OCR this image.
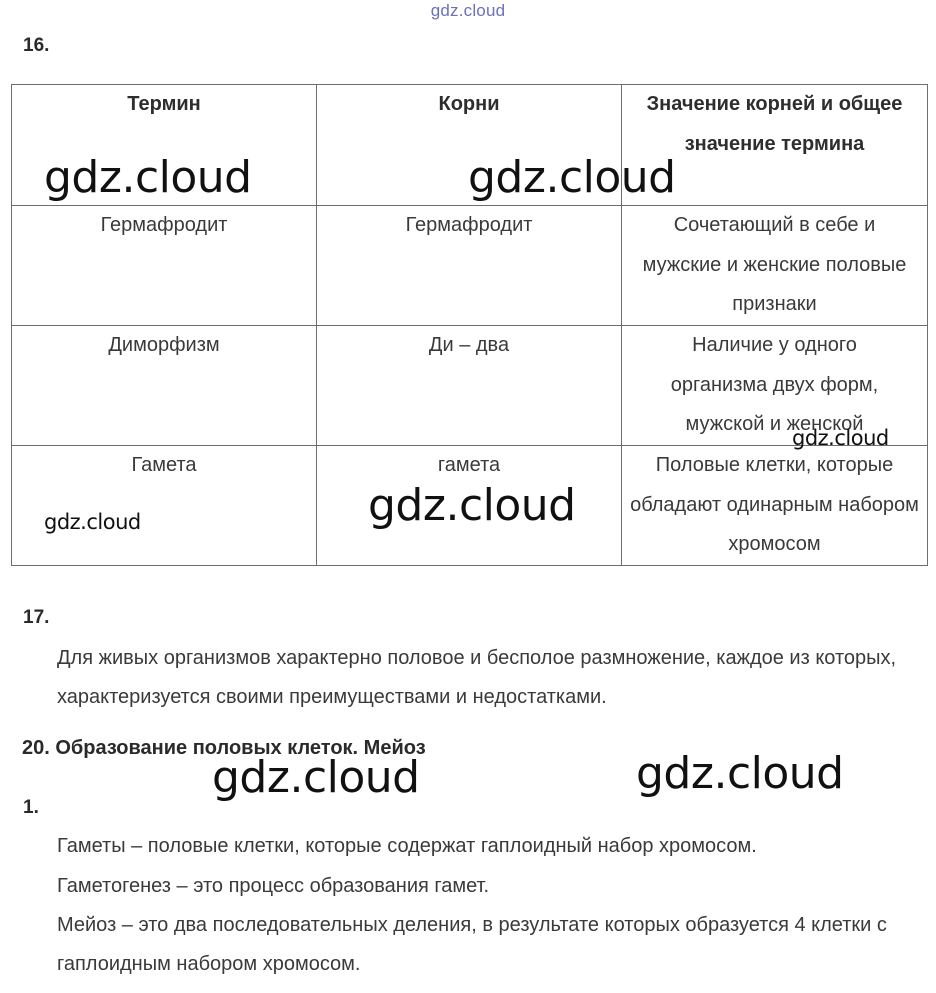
gdz.cloud
16.
Термин	Корни	Значение корней и общее значение термина
Гермафродит	Гермафродит	Сочетающий в себе и мужские и женские половые признаки
Диморфизм	Ди – два	Наличие у одного организма двух форм, мужской и женской
Гамета	гамета	Половые клетки, которые обладают одинарным набором хромосом
17.

Для живых организмов характерно половое и бесполое размножение, каждое из которых, характеризуется своими преимуществами и недостатками.

20. Образование половых клеток. Мейоз
1.

Гаметы – половые клетки, которые содержат гаплоидный набор хромосом.

Гаметогенез – это процесс образования гамет.

Мейоз – это два последовательных деления, в результате которых образуется 4 клетки с гаплоидным набором хромосом.

gdz.cloud	gdz.cloud
gdz.cloud
gdz.cloud	gdz.cloud
gdz.cloud	gdz.cloud
